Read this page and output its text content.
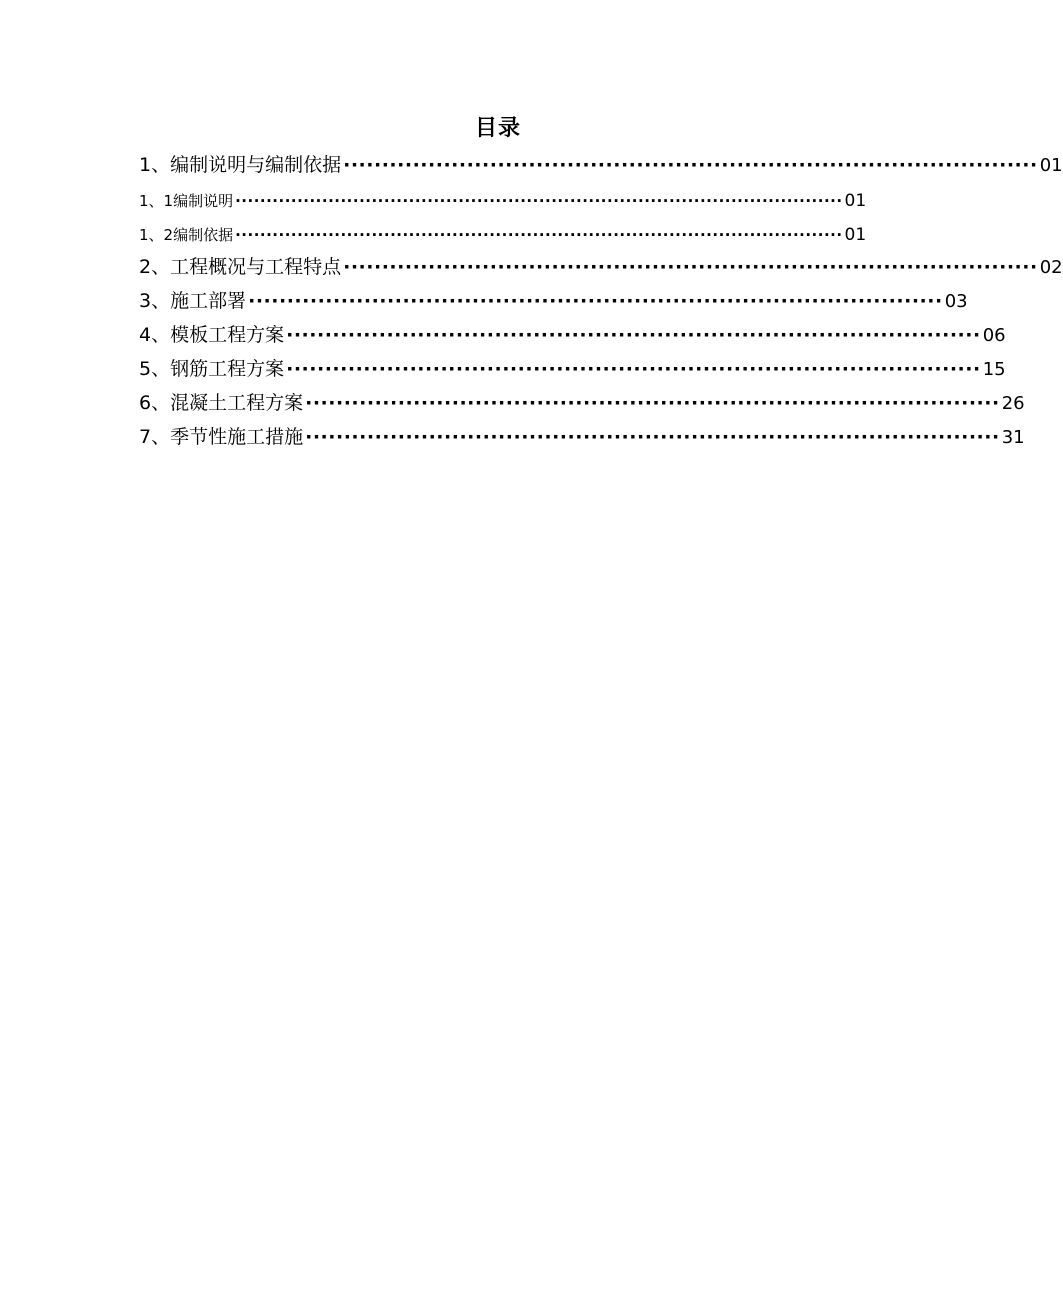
目录
1、 编制说明与编制依据 ·························································································· 01
1、1 编制说明 ·································································································· 01
1、2 编制依据 ·································································································· 01
2、 工程概况与工程特点 ·························································································· 02
3、 施工部署 ·························································································· 03
4、 模板工程方案 ·························································································· 06
5、 钢筋工程方案 ·························································································· 15
6、 混凝土工程方案 ·························································································· 26
7、 季节性施工措施 ·························································································· 31
